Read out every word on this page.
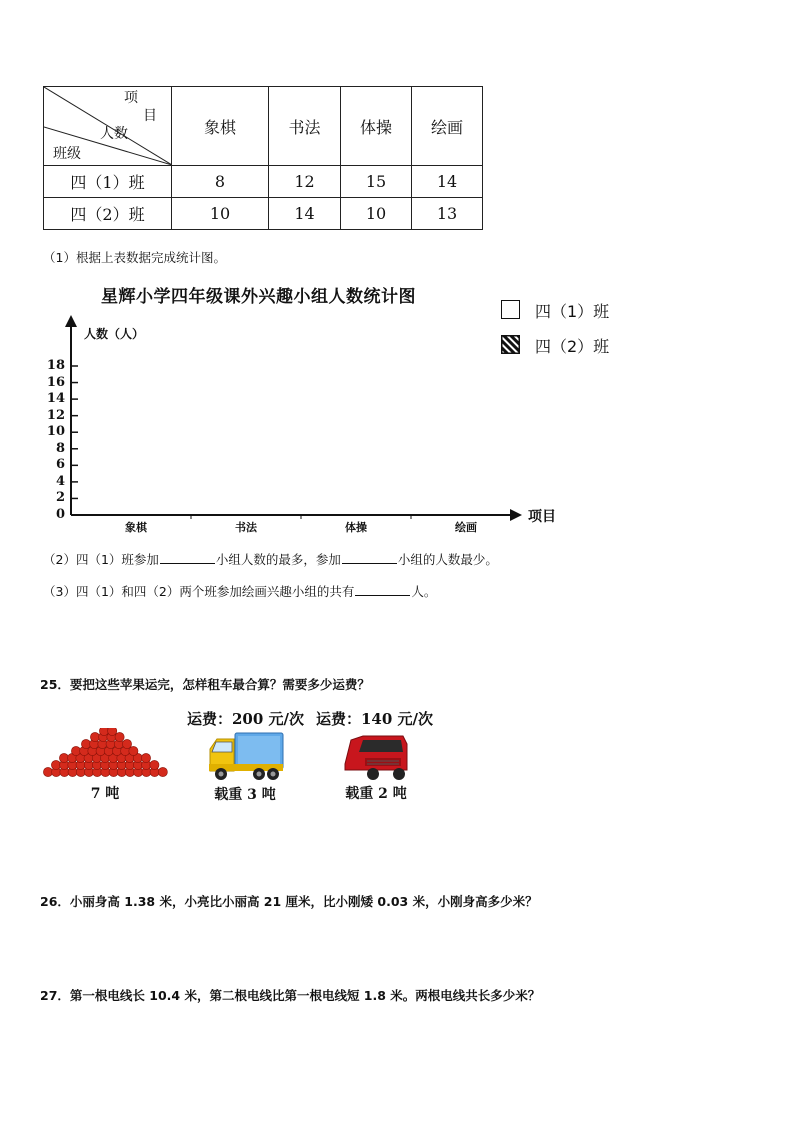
项
目
人数
班级	象棋	书法	体操	绘画
四（1）班	8	12	15	14
四（2）班	10	14	10	13
（1）根据上表数据完成统计图。
星辉小学四年级课外兴趣小组人数统计图
四（1）班
四（2）班
人数（人）
项目
0
2
4
6
8
10
12
14
16
18
象棋	书法	体操	绘画
（2）四（1）班参加	小组人数的最多，参加	小组的人数最少。
（3）四（1）和四（2）两个班参加绘画兴趣小组的共有	人。
25．要把这些苹果运完，怎样租车最合算？需要多少运费？
运费：200 元/次 运费：140 元/次
7 吨	载重 3 吨	载重 2 吨
26．小丽身高 1.38 米，小亮比小丽高 21 厘米，比小刚矮 0.03 米，小刚身高多少米？
27．第一根电线长 10.4 米，第二根电线比第一根电线短 1.8 米。两根电线共长多少米？
